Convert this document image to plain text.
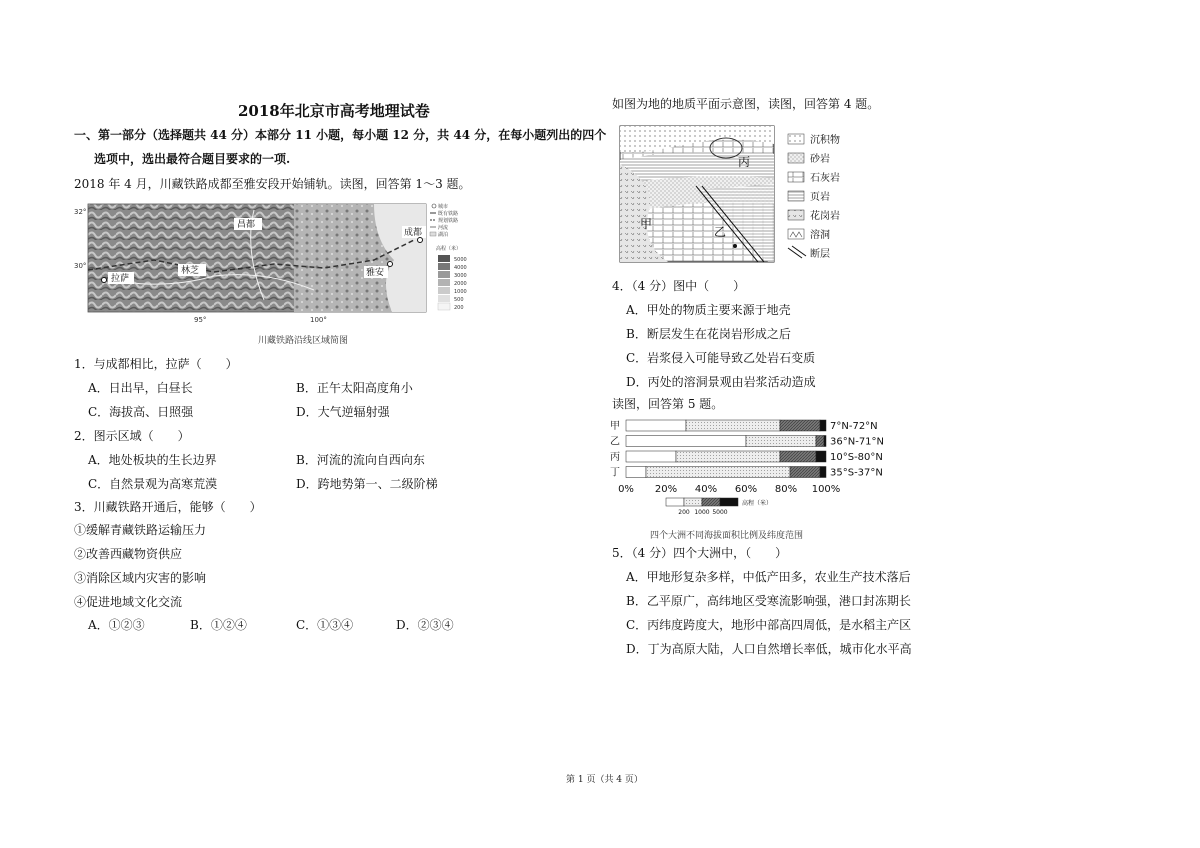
2018年北京市高考地理试卷
一、第一部分（选择题共 44 分）本部分 11 小题，每小题 12 分，共 44 分，在每小题列出的四个
选项中，选出最符合题目要求的一项.
2018 年 4 月，川藏铁路成都至雅安段开始铺轨。读图，回答第 1～3 题。
32°
30°
95°	100°
昌都
成都
林芝
拉萨
雅安
城市
既有铁路
规划铁路
河流
湖泊
高程（米）
5000
4000
3000
2000
1000
500
200
川藏铁路沿线区域简图
1．与成都相比，拉萨（　　）
A．日出早，白昼长	B．正午太阳高度角小
C．海拔高、日照强	D．大气逆辐射强
2．图示区域（　　）
A．地处板块的生长边界	B．河流的流向自西向东
C．自然景观为高寒荒漠	D．跨地势第一、二级阶梯
3．川藏铁路开通后，能够（　　）
①缓解青藏铁路运输压力
②改善西藏物资供应
③消除区域内灾害的影响
④促进地域文化交流
A．①②③	B．①②④	C．①③④	D．②③④
如图为地的地质平面示意图，读图，回答第 4 题。
丙
甲
乙
沉积物
砂岩
石灰岩
页岩
花岗岩
溶洞
断层
4．（4 分）图中（　　）
A．甲处的物质主要来源于地壳
B．断层发生在花岗岩形成之后
C．岩浆侵入可能导致乙处岩石变质
D．丙处的溶洞景观由岩浆活动造成
读图，回答第 5 题。
甲	7°N-72°N
乙	36°N-71°N
丙	10°S-80°N
丁	35°S-37°N
0% 20% 40% 60% 80% 100%
高程（米）
200 1000 5000
四个大洲不同海拔面积比例及纬度范围
5．（4 分）四个大洲中，（　　）
A．甲地形复杂多样，中低产田多，农业生产技术落后
B．乙平原广，高纬地区受寒流影响强，港口封冻期长
C．丙纬度跨度大，地形中部高四周低，是水稻主产区
D．丁为高原大陆，人口自然增长率低，城市化水平高
第 1 页（共 4 页）
